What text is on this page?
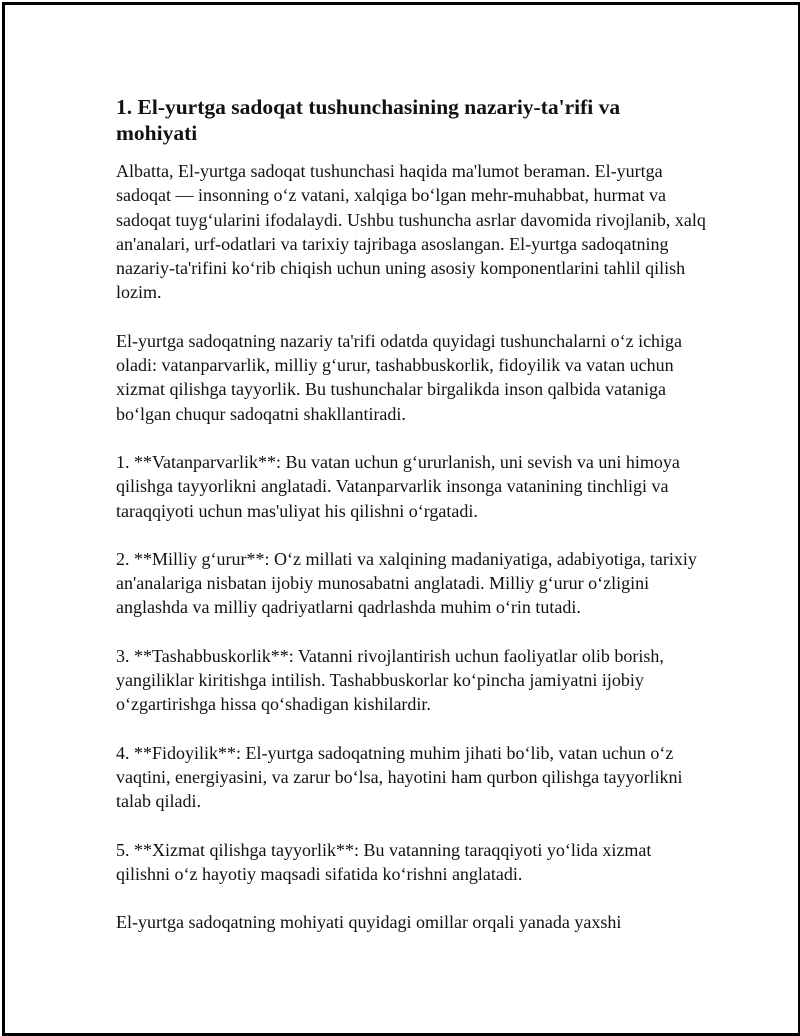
1. El-yurtga sadoqat tushunchasining nazariy-ta'rifi va mohiyati

Albatta, El-yurtga sadoqat tushunchasi haqida ma'lumot beraman. El-yurtga sadoqat — insonning o‘z vatani, xalqiga bo‘lgan mehr-muhabbat, hurmat va sadoqat tuyg‘ularini ifodalaydi. Ushbu tushuncha asrlar davomida rivojlanib, xalq an'analari, urf-odatlari va tarixiy tajribaga asoslangan. El-yurtga sadoqatning nazariy-ta'rifini ko‘rib chiqish uchun uning asosiy komponentlarini tahlil qilish lozim.

El-yurtga sadoqatning nazariy ta'rifi odatda quyidagi tushunchalarni o‘z ichiga oladi: vatanparvarlik, milliy g‘urur, tashabbuskorlik, fidoyilik va vatan uchun xizmat qilishga tayyorlik. Bu tushunchalar birgalikda inson qalbida vataniga bo‘lgan chuqur sadoqatni shakllantiradi.

1. **Vatanparvarlik**: Bu vatan uchun g‘ururlanish, uni sevish va uni himoya qilishga tayyorlikni anglatadi. Vatanparvarlik insonga vatanining tinchligi va taraqqiyoti uchun mas'uliyat his qilishni o‘rgatadi.

2. **Milliy g‘urur**: O‘z millati va xalqining madaniyatiga, adabiyotiga, tarixiy an'analariga nisbatan ijobiy munosabatni anglatadi. Milliy g‘urur o‘zligini anglashda va milliy qadriyatlarni qadrlashda muhim o‘rin tutadi.

3. **Tashabbuskorlik**: Vatanni rivojlantirish uchun faoliyatlar olib borish, yangiliklar kiritishga intilish. Tashabbuskorlar ko‘pincha jamiyatni ijobiy o‘zgartirishga hissa qo‘shadigan kishilardir.

4. **Fidoyilik**: El-yurtga sadoqatning muhim jihati bo‘lib, vatan uchun o‘z vaqtini, energiyasini, va zarur bo‘lsa, hayotini ham qurbon qilishga tayyorlikni talab qiladi.

5. **Xizmat qilishga tayyorlik**: Bu vatanning taraqqiyoti yo‘lida xizmat qilishni o‘z hayotiy maqsadi sifatida ko‘rishni anglatadi.

El-yurtga sadoqatning mohiyati quyidagi omillar orqali yanada yaxshi
